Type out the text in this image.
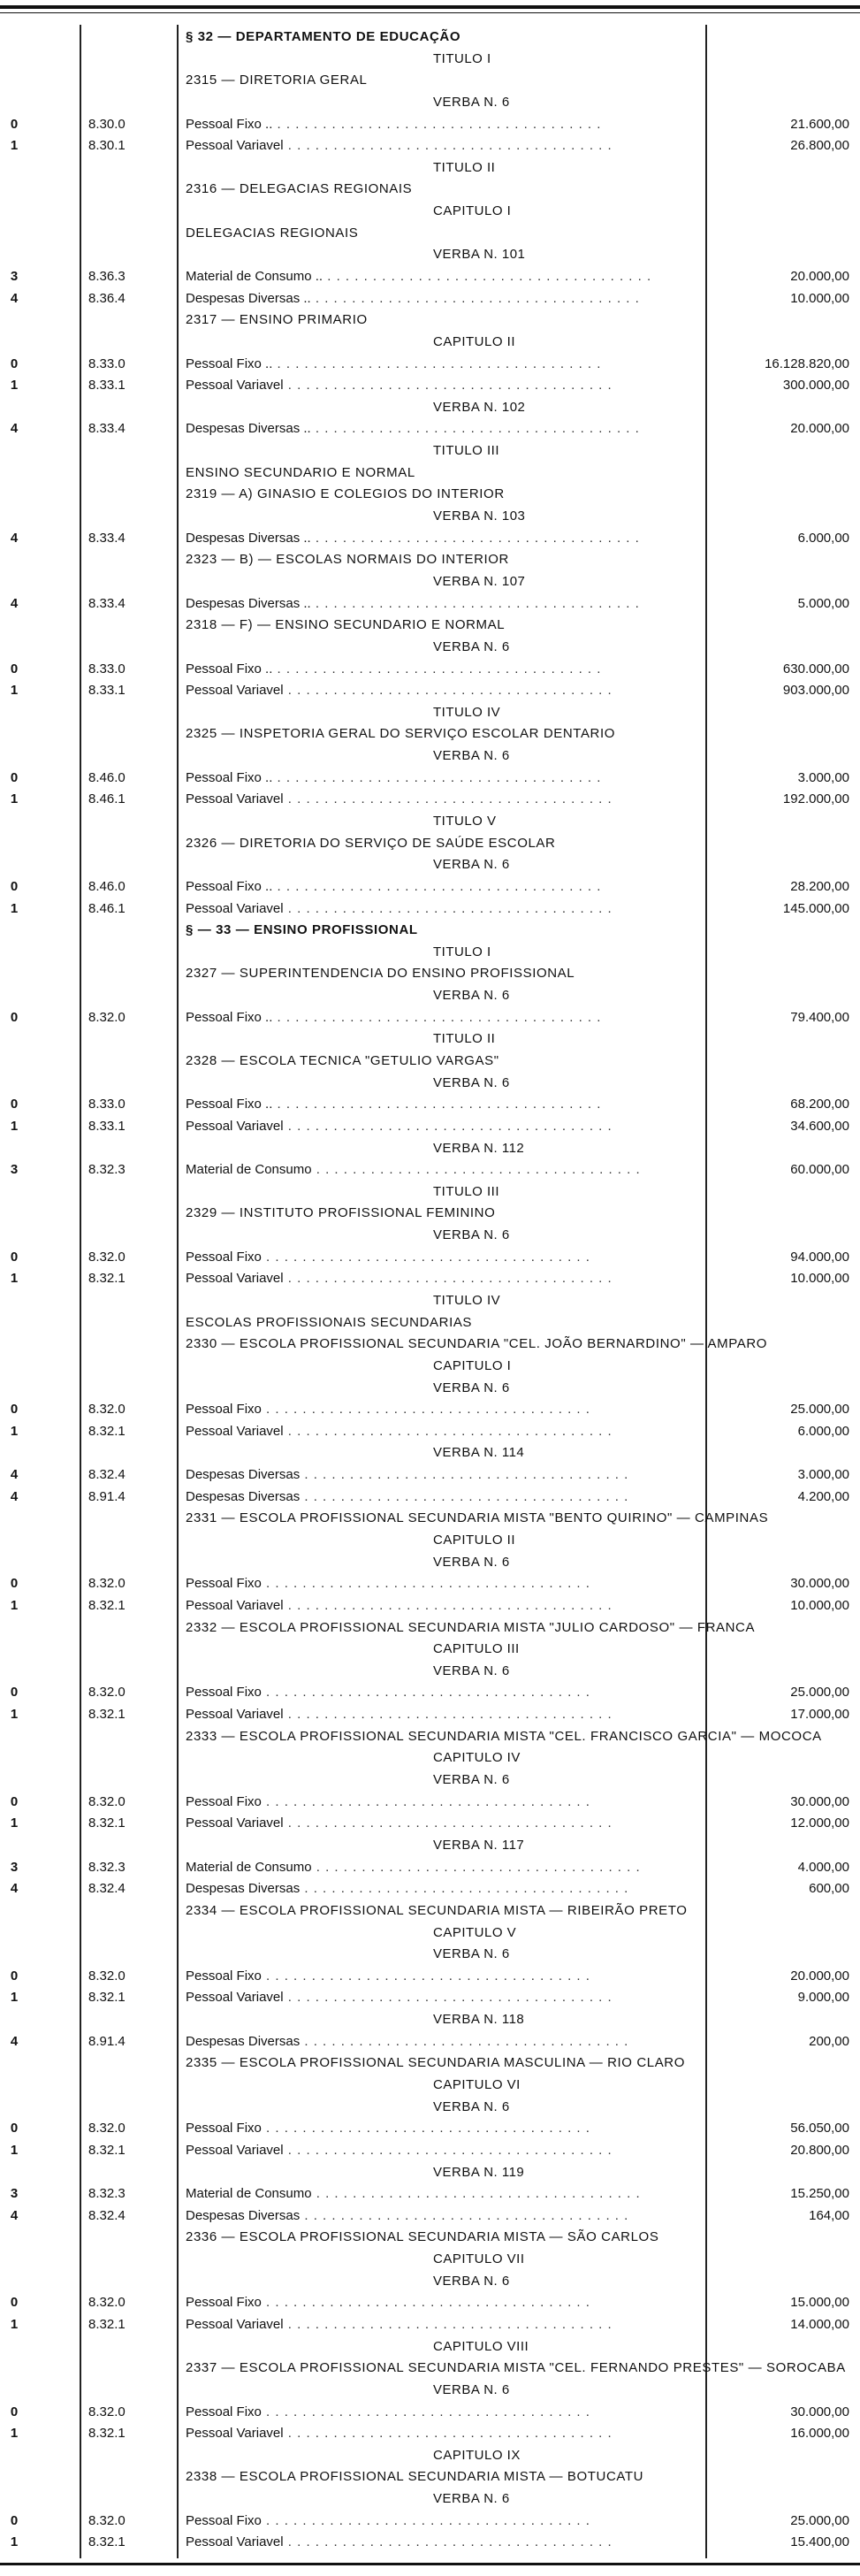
§ 32 — DEPARTAMENTO DE EDUCAÇÃO
TITULO I
2315 — DIRETORIA GERAL
VERBA N. 6
0	8.30.0	Pessoal Fixo .. . . . . . . . . . . . . . . . . . . . . . . . . . . . . . . . . . . . .	21.600,00
1	8.30.1	Pessoal Variavel . . . . . . . . . . . . . . . . . . . . . . . . . . . . . . . . . . . .	26.800,00
TITULO II
2316 — DELEGACIAS REGIONAIS
CAPITULO I
DELEGACIAS REGIONAIS
VERBA N. 101
3	8.36.3	Material de Consumo .. . . . . . . . . . . . . . . . . . . . . . . . . . . . . . . . . . . . .	20.000,00
4	8.36.4	Despesas Diversas .. . . . . . . . . . . . . . . . . . . . . . . . . . . . . . . . . . . . .	10.000,00
2317 — ENSINO PRIMARIO
CAPITULO II
0	8.33.0	Pessoal Fixo .. . . . . . . . . . . . . . . . . . . . . . . . . . . . . . . . . . . . .	16.128.820,00
1	8.33.1	Pessoal Variavel . . . . . . . . . . . . . . . . . . . . . . . . . . . . . . . . . . . .	300.000,00
VERBA N. 102
4	8.33.4	Despesas Diversas .. . . . . . . . . . . . . . . . . . . . . . . . . . . . . . . . . . . . .	20.000,00
TITULO III
ENSINO SECUNDARIO E NORMAL
2319 — A) GINASIO E COLEGIOS DO INTERIOR
VERBA N. 103
4	8.33.4	Despesas Diversas .. . . . . . . . . . . . . . . . . . . . . . . . . . . . . . . . . . . . .	6.000,00
2323 — B) — ESCOLAS NORMAIS DO INTERIOR
VERBA N. 107
4	8.33.4	Despesas Diversas .. . . . . . . . . . . . . . . . . . . . . . . . . . . . . . . . . . . . .	5.000,00
2318 — F) — ENSINO SECUNDARIO E NORMAL
VERBA N. 6
0	8.33.0	Pessoal Fixo .. . . . . . . . . . . . . . . . . . . . . . . . . . . . . . . . . . . . .	630.000,00
1	8.33.1	Pessoal Variavel . . . . . . . . . . . . . . . . . . . . . . . . . . . . . . . . . . . .	903.000,00
TITULO IV
2325 — INSPETORIA GERAL DO SERVIÇO ESCOLAR DENTARIO
VERBA N. 6
0	8.46.0	Pessoal Fixo .. . . . . . . . . . . . . . . . . . . . . . . . . . . . . . . . . . . . .	3.000,00
1	8.46.1	Pessoal Variavel . . . . . . . . . . . . . . . . . . . . . . . . . . . . . . . . . . . .	192.000,00
TITULO V
2326 — DIRETORIA DO SERVIÇO DE SAÚDE ESCOLAR
VERBA N. 6
0	8.46.0	Pessoal Fixo .. . . . . . . . . . . . . . . . . . . . . . . . . . . . . . . . . . . . .	28.200,00
1	8.46.1	Pessoal Variavel . . . . . . . . . . . . . . . . . . . . . . . . . . . . . . . . . . . .	145.000,00
§ — 33 — ENSINO PROFISSIONAL
TITULO I
2327 — SUPERINTENDENCIA DO ENSINO PROFISSIONAL
VERBA N. 6
0	8.32.0	Pessoal Fixo .. . . . . . . . . . . . . . . . . . . . . . . . . . . . . . . . . . . . .	79.400,00
TITULO II
2328 — ESCOLA TECNICA "GETULIO VARGAS"
VERBA N. 6
0	8.33.0	Pessoal Fixo .. . . . . . . . . . . . . . . . . . . . . . . . . . . . . . . . . . . . .	68.200,00
1	8.33.1	Pessoal Variavel . . . . . . . . . . . . . . . . . . . . . . . . . . . . . . . . . . . .	34.600,00
VERBA N. 112
3	8.32.3	Material de Consumo . . . . . . . . . . . . . . . . . . . . . . . . . . . . . . . . . . . .	60.000,00
TITULO III
2329 — INSTITUTO PROFISSIONAL FEMININO
VERBA N. 6
0	8.32.0	Pessoal Fixo . . . . . . . . . . . . . . . . . . . . . . . . . . . . . . . . . . . .	94.000,00
1	8.32.1	Pessoal Variavel . . . . . . . . . . . . . . . . . . . . . . . . . . . . . . . . . . . .	10.000,00
TITULO IV
ESCOLAS PROFISSIONAIS SECUNDARIAS
2330 — ESCOLA PROFISSIONAL SECUNDARIA "CEL. JOÃO BERNARDINO" — AMPARO
CAPITULO I
VERBA N. 6
0	8.32.0	Pessoal Fixo . . . . . . . . . . . . . . . . . . . . . . . . . . . . . . . . . . . .	25.000,00
1	8.32.1	Pessoal Variavel . . . . . . . . . . . . . . . . . . . . . . . . . . . . . . . . . . . .	6.000,00
VERBA N. 114
4	8.32.4	Despesas Diversas . . . . . . . . . . . . . . . . . . . . . . . . . . . . . . . . . . . .	3.000,00
4	8.91.4	Despesas Diversas . . . . . . . . . . . . . . . . . . . . . . . . . . . . . . . . . . . .	4.200,00
2331 — ESCOLA PROFISSIONAL SECUNDARIA MISTA "BENTO QUIRINO" — CAMPINAS
CAPITULO II
VERBA N. 6
0	8.32.0	Pessoal Fixo . . . . . . . . . . . . . . . . . . . . . . . . . . . . . . . . . . . .	30.000,00
1	8.32.1	Pessoal Variavel . . . . . . . . . . . . . . . . . . . . . . . . . . . . . . . . . . . .	10.000,00
2332 — ESCOLA PROFISSIONAL SECUNDARIA MISTA "JULIO CARDOSO" — FRANCA
CAPITULO III
VERBA N. 6
0	8.32.0	Pessoal Fixo . . . . . . . . . . . . . . . . . . . . . . . . . . . . . . . . . . . .	25.000,00
1	8.32.1	Pessoal Variavel . . . . . . . . . . . . . . . . . . . . . . . . . . . . . . . . . . . .	17.000,00
2333 — ESCOLA PROFISSIONAL SECUNDARIA MISTA "CEL. FRANCISCO GARCIA" — MOCOCA
CAPITULO IV
VERBA N. 6
0	8.32.0	Pessoal Fixo . . . . . . . . . . . . . . . . . . . . . . . . . . . . . . . . . . . .	30.000,00
1	8.32.1	Pessoal Variavel . . . . . . . . . . . . . . . . . . . . . . . . . . . . . . . . . . . .	12.000,00
VERBA N. 117
3	8.32.3	Material de Consumo . . . . . . . . . . . . . . . . . . . . . . . . . . . . . . . . . . . .	4.000,00
4	8.32.4	Despesas Diversas . . . . . . . . . . . . . . . . . . . . . . . . . . . . . . . . . . . .	600,00
2334 — ESCOLA PROFISSIONAL SECUNDARIA MISTA — RIBEIRÃO PRETO
CAPITULO V
VERBA N. 6
0	8.32.0	Pessoal Fixo . . . . . . . . . . . . . . . . . . . . . . . . . . . . . . . . . . . .	20.000,00
1	8.32.1	Pessoal Variavel . . . . . . . . . . . . . . . . . . . . . . . . . . . . . . . . . . . .	9.000,00
VERBA N. 118
4	8.91.4	Despesas Diversas . . . . . . . . . . . . . . . . . . . . . . . . . . . . . . . . . . . .	200,00
2335 — ESCOLA PROFISSIONAL SECUNDARIA MASCULINA — RIO CLARO
CAPITULO VI
VERBA N. 6
0	8.32.0	Pessoal Fixo . . . . . . . . . . . . . . . . . . . . . . . . . . . . . . . . . . . .	56.050,00
1	8.32.1	Pessoal Variavel . . . . . . . . . . . . . . . . . . . . . . . . . . . . . . . . . . . .	20.800,00
VERBA N. 119
3	8.32.3	Material de Consumo . . . . . . . . . . . . . . . . . . . . . . . . . . . . . . . . . . . .	15.250,00
4	8.32.4	Despesas Diversas . . . . . . . . . . . . . . . . . . . . . . . . . . . . . . . . . . . .	164,00
2336 — ESCOLA PROFISSIONAL SECUNDARIA MISTA — SÃO CARLOS
CAPITULO VII
VERBA N. 6
0	8.32.0	Pessoal Fixo . . . . . . . . . . . . . . . . . . . . . . . . . . . . . . . . . . . .	15.000,00
1	8.32.1	Pessoal Variavel . . . . . . . . . . . . . . . . . . . . . . . . . . . . . . . . . . . .	14.000,00
CAPITULO VIII
2337 — ESCOLA PROFISSIONAL SECUNDARIA MISTA "CEL. FERNANDO PRESTES" — SOROCABA
VERBA N. 6
0	8.32.0	Pessoal Fixo . . . . . . . . . . . . . . . . . . . . . . . . . . . . . . . . . . . .	30.000,00
1	8.32.1	Pessoal Variavel . . . . . . . . . . . . . . . . . . . . . . . . . . . . . . . . . . . .	16.000,00
CAPITULO IX
2338 — ESCOLA PROFISSIONAL SECUNDARIA MISTA — BOTUCATU
VERBA N. 6
0	8.32.0	Pessoal Fixo . . . . . . . . . . . . . . . . . . . . . . . . . . . . . . . . . . . .	25.000,00
1	8.32.1	Pessoal Variavel . . . . . . . . . . . . . . . . . . . . . . . . . . . . . . . . . . . .	15.400,00
